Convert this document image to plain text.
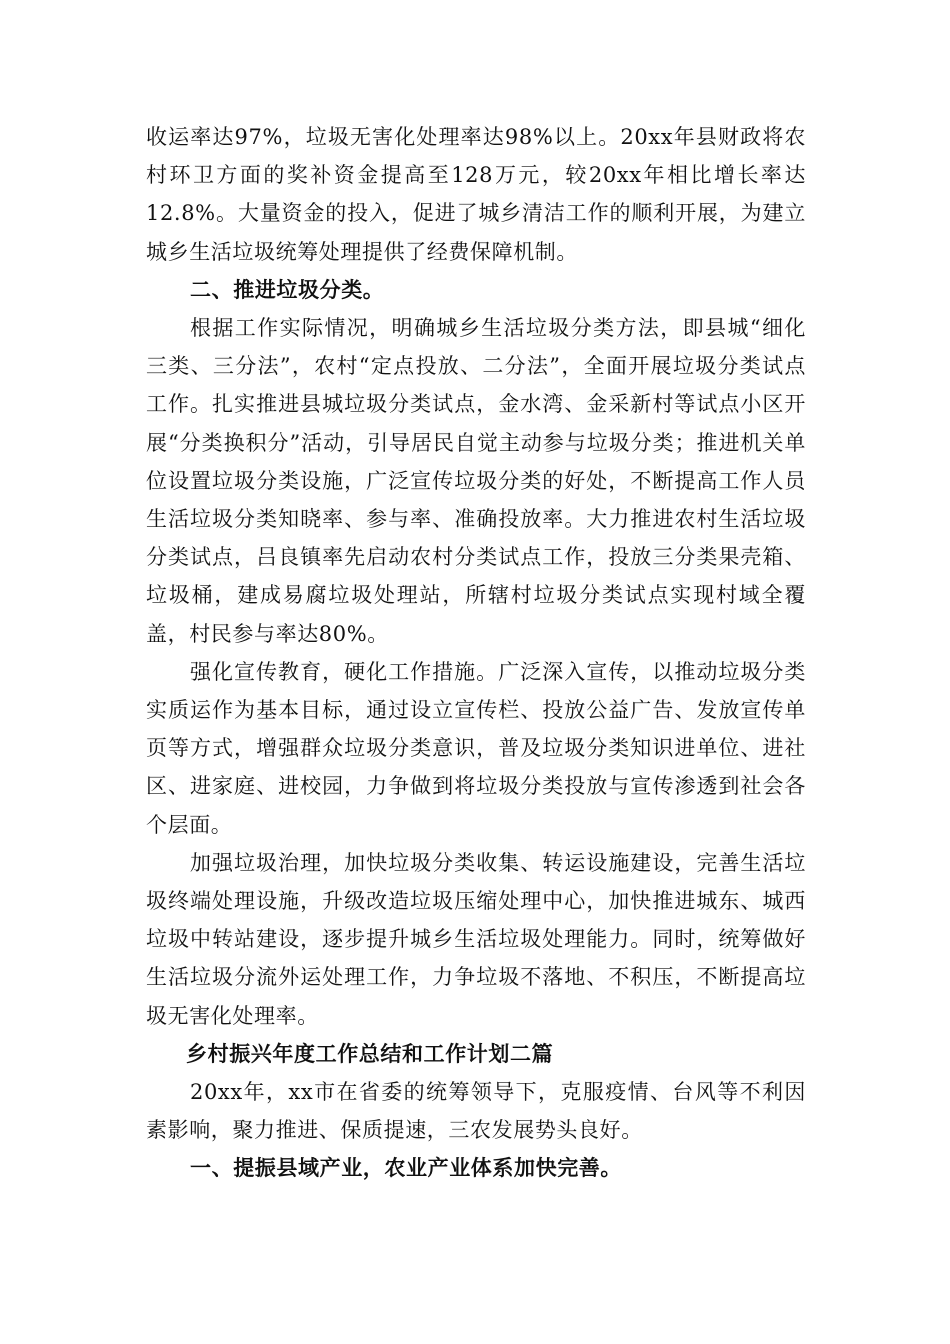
收运率达97%，垃圾无害化处理率达98%以上。20xx年县财政将农村环卫方面的奖补资金提高至128万元，较20xx年相比增长率达12.8%。大量资金的投入，促进了城乡清洁工作的顺利开展，为建立城乡生活垃圾统筹处理提供了经费保障机制。

二、推进垃圾分类。

根据工作实际情况，明确城乡生活垃圾分类方法，即县城“细化三类、三分法”，农村“定点投放、二分法”，全面开展垃圾分类试点工作。扎实推进县城垃圾分类试点，金水湾、金采新村等试点小区开展“分类换积分”活动，引导居民自觉主动参与垃圾分类；推进机关单位设置垃圾分类设施，广泛宣传垃圾分类的好处，不断提高工作人员生活垃圾分类知晓率、参与率、准确投放率。大力推进农村生活垃圾分类试点，吕良镇率先启动农村分类试点工作，投放三分类果壳箱、垃圾桶，建成易腐垃圾处理站，所辖村垃圾分类试点实现村域全覆盖，村民参与率达80%。

强化宣传教育，硬化工作措施。广泛深入宣传，以推动垃圾分类实质运作为基本目标，通过设立宣传栏、投放公益广告、发放宣传单页等方式，增强群众垃圾分类意识，普及垃圾分类知识进单位、进社区、进家庭、进校园，力争做到将垃圾分类投放与宣传渗透到社会各个层面。

加强垃圾治理，加快垃圾分类收集、转运设施建设，完善生活垃圾终端处理设施，升级改造垃圾压缩处理中心，加快推进城东、城西垃圾中转站建设，逐步提升城乡生活垃圾处理能力。同时，统筹做好生活垃圾分流外运处理工作，力争垃圾不落地、不积压，不断提高垃圾无害化处理率。

乡村振兴年度工作总结和工作计划二篇

20xx年，xx市在省委的统筹领导下，克服疫情、台风等不利因素影响，聚力推进、保质提速，三农发展势头良好。

一、提振县域产业，农业产业体系加快完善。
